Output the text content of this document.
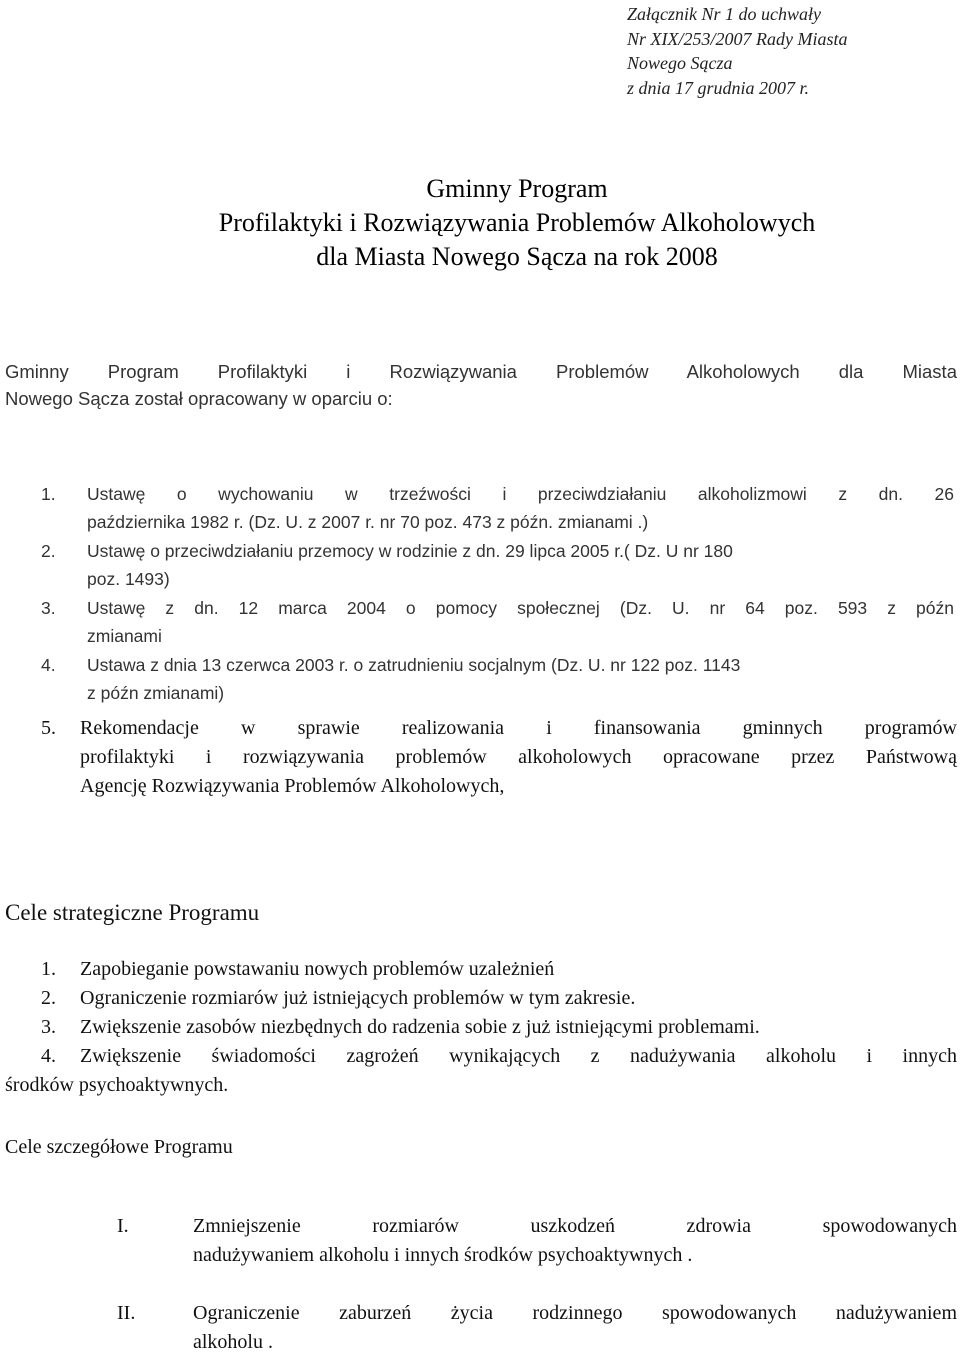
Załącznik Nr 1 do uchwały
Nr XIX/253/2007 Rady Miasta
Nowego Sącza
z dnia 17 grudnia 2007 r.
Gminny Program
Profilaktyki i Rozwiązywania Problemów Alkoholowych
dla Miasta Nowego Sącza na rok 2008
Gminny Program Profilaktyki i Rozwiązywania Problemów Alkoholowych dla Miasta
Nowego Sącza został opracowany w oparciu o:
1. Ustawę o wychowaniu w trzeźwości i przeciwdziałaniu alkoholizmowi z dn. 26
października 1982 r. (Dz. U. z 2007 r. nr 70 poz. 473 z późn. zmianami .)
2. Ustawę o przeciwdziałaniu przemocy w rodzinie z dn. 29 lipca 2005 r.( Dz. U nr 180
poz. 1493)
3. Ustawę z dn. 12 marca 2004 o pomocy społecznej (Dz. U. nr 64 poz. 593 z późn
zmianami
4. Ustawa z dnia 13 czerwca 2003 r. o zatrudnieniu socjalnym (Dz. U. nr 122 poz. 1143
z późn zmianami)
5. Rekomendacje w sprawie realizowania i finansowania gminnych programów
profilaktyki i rozwiązywania problemów alkoholowych opracowane przez Państwową
Agencję Rozwiązywania Problemów Alkoholowych,
Cele strategiczne Programu
1. Zapobieganie powstawaniu nowych problemów uzależnień
2. Ograniczenie rozmiarów już istniejących problemów w tym zakresie.
3. Zwiększenie zasobów niezbędnych do radzenia sobie z już istniejącymi problemami.
4. Zwiększenie świadomości zagrożeń wynikających z nadużywania alkoholu i innych
środków psychoaktywnych.
Cele szczegółowe Programu
I.	Zmniejszenie rozmiarów uszkodzeń zdrowia spowodowanych
nadużywaniem alkoholu i innych środków psychoaktywnych .
II.	Ograniczenie zaburzeń życia rodzinnego spowodowanych nadużywaniem
alkoholu .
